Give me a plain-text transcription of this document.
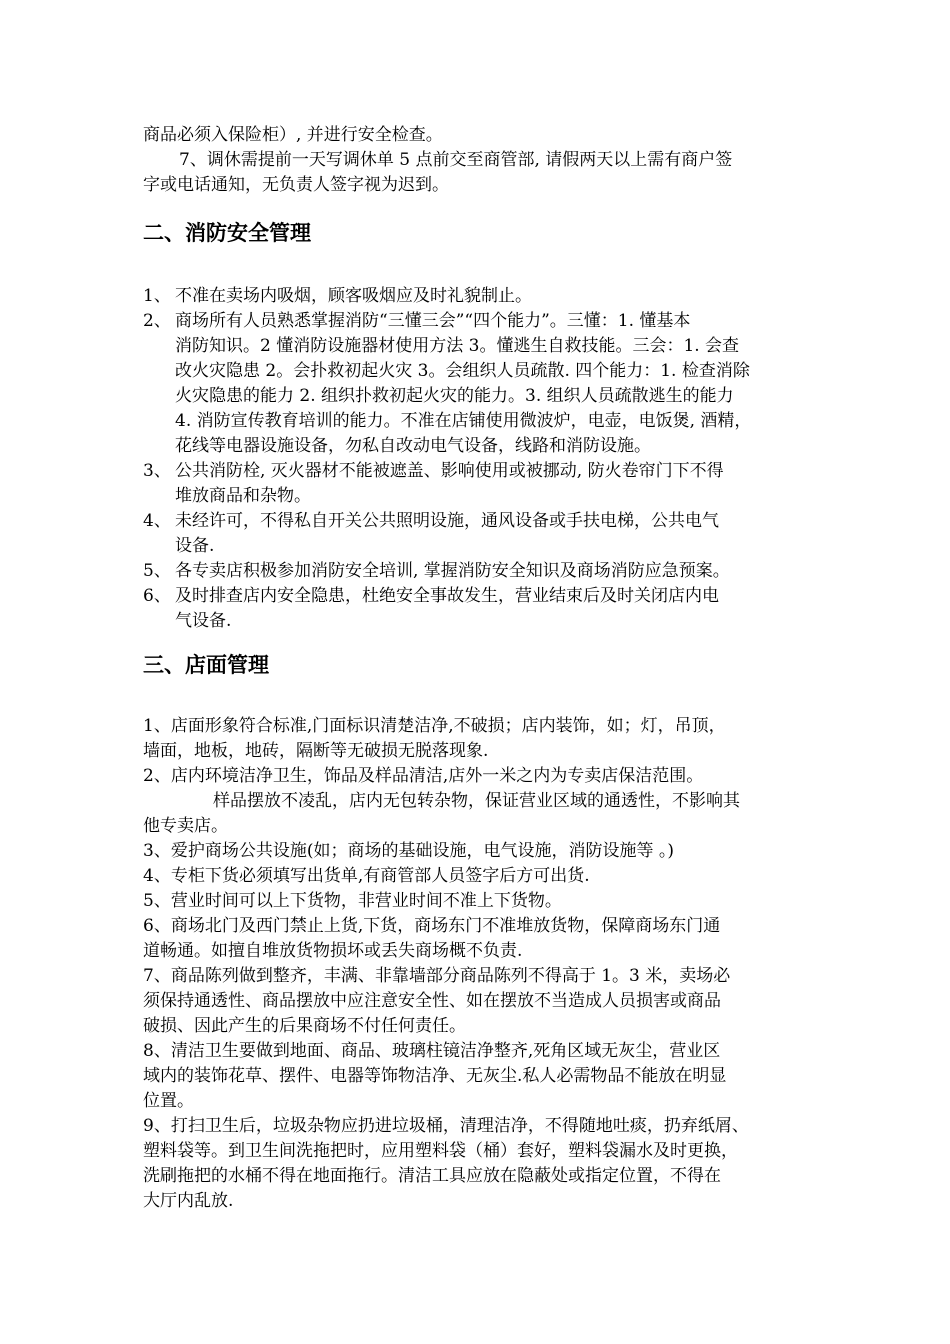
商品必须入保险柜）, 并进行安全检查。

7、调休需提前一天写调休单 5 点前交至商管部, 请假两天以上需有商户签

字或电话通知，无负责人签字视为迟到。

二、消防安全管理
1、 不准在卖场内吸烟，顾客吸烟应及时礼貌制止。
2、 商场所有人员熟悉掌握消防“三懂三会”“四个能力”。三懂：1. 懂基本
消防知识。2 懂消防设施器材使用方法 3。懂逃生自救技能。三会：1. 会查
改火灾隐患 2。会扑救初起火灾 3。会组织人员疏散. 四个能力：1. 检查消除
火灾隐患的能力 2. 组织扑救初起火灾的能力。3. 组织人员疏散逃生的能力
4. 消防宣传教育培训的能力。不准在店铺使用微波炉，电壶，电饭煲, 酒精，
花线等电器设施设备，勿私自改动电气设备，线路和消防设施。
3、 公共消防栓, 灭火器材不能被遮盖、影响使用或被挪动, 防火卷帘门下不得
堆放商品和杂物。
4、 未经许可，不得私自开关公共照明设施，通风设备或手扶电梯，公共电气
设备.
5、 各专卖店积极参加消防安全培训, 掌握消防安全知识及商场消防应急预案。
6、 及时排查店内安全隐患，杜绝安全事故发生，营业结束后及时关闭店内电
气设备.
三、店面管理

1、店面形象符合标准,门面标识清楚洁净,不破损；店内装饰，如；灯，吊顶，

墙面，地板，地砖，隔断等无破损无脱落现象.

2、店内环境洁净卫生，饰品及样品清洁,店外一米之内为专卖店保洁范围。

样品摆放不凌乱，店内无包转杂物，保证营业区域的通透性，不影响其

他专卖店。

3、爱护商场公共设施(如；商场的基础设施，电气设施，消防设施等 。)

4、专柜下货必须填写出货单,有商管部人员签字后方可出货.

5、营业时间可以上下货物，非营业时间不准上下货物。

6、商场北门及西门禁止上货,下货，商场东门不准堆放货物，保障商场东门通

道畅通。如擅自堆放货物损坏或丢失商场概不负责.

7、商品陈列做到整齐，丰满、非靠墙部分商品陈列不得高于 1。3 米，卖场必

须保持通透性、商品摆放中应注意安全性、如在摆放不当造成人员损害或商品

破损、因此产生的后果商场不付任何责任。

8、清洁卫生要做到地面、商品、玻璃柱镜洁净整齐,死角区域无灰尘，营业区

域内的装饰花草、摆件、电器等饰物洁净、无灰尘.私人必需物品不能放在明显

位置。

9、打扫卫生后，垃圾杂物应扔进垃圾桶，清理洁净，不得随地吐痰，扔弃纸屑、

塑料袋等。到卫生间洗拖把时，应用塑料袋（桶）套好，塑料袋漏水及时更换，

洗刷拖把的水桶不得在地面拖行。清洁工具应放在隐蔽处或指定位置，不得在

大厅内乱放.
